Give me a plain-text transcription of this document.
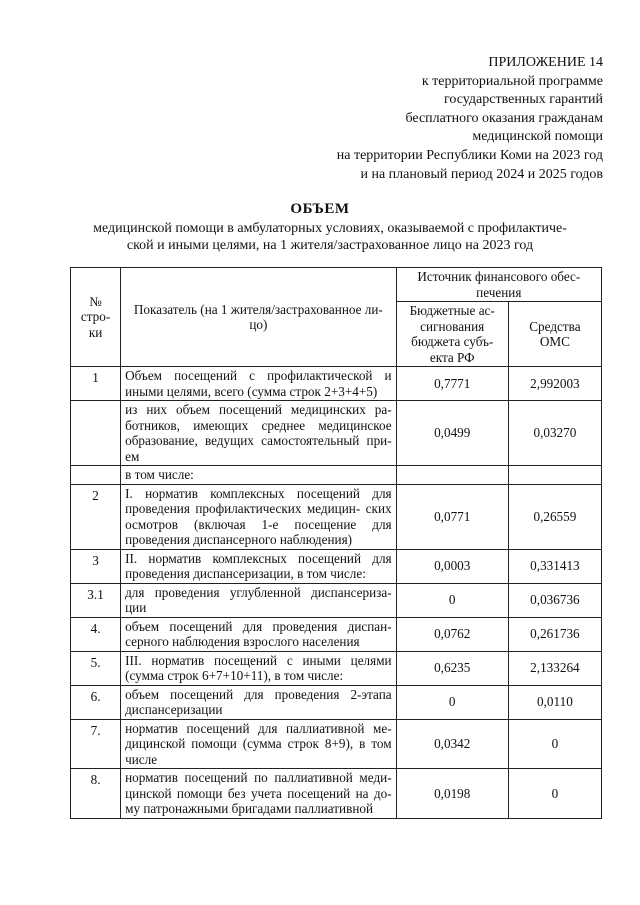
ПРИЛОЖЕНИЕ 14
к территориальной программе
государственных гарантий
бесплатного оказания гражданам
медицинской помощи
на территории Республики Коми на 2023 год
и на плановый период 2024 и 2025 годов
ОБЪЕМ
медицинской помощи в амбулаторных условиях, оказываемой с профилактиче-
ской и иными целями, на 1 жителя/застрахованное лицо на 2023 год
№ стро- ки	Показатель (на 1 жителя/застрахованное ли- цо)	Источник финансового обес- печения	
		Бюджетные ас- сигнования бюджета субъ- екта РФ	Средства ОМС
1	Объем посещений с профилактической и иными целями, всего (сумма строк 2+3+4+5)	0,7771	2,992003
	из них объем посещений медицинских ра- ботников, имеющих среднее медицинское образование, ведущих самостоятельный при- ем	0,0499	0,03270
	в том числе:		
2	I. норматив комплексных посещений для проведения профилактических медицин- ских осмотров (включая 1-е посещение для проведения диспансерного наблюдения)	0,0771	0,26559
3	II. норматив комплексных посещений для проведения диспансеризации, в том числе:	0,0003	0,331413
3.1	для проведения углубленной диспансериза- ции	0	0,036736
4.	объем посещений для проведения диспан- серного наблюдения взрослого населения	0,0762	0,261736
5.	III. норматив посещений с иными целями (сумма строк 6+7+10+11), в том числе:	0,6235	2,133264
6.	объем посещений для проведения 2-этапа диспансеризации	0	0,0110
7.	норматив посещений для паллиативной ме- дицинской помощи (сумма строк 8+9), в том числе	0,0342	0
8.	норматив посещений по паллиативной меди- цинской помощи без учета посещений на до- му патронажными бригадами паллиативной	0,0198	0
